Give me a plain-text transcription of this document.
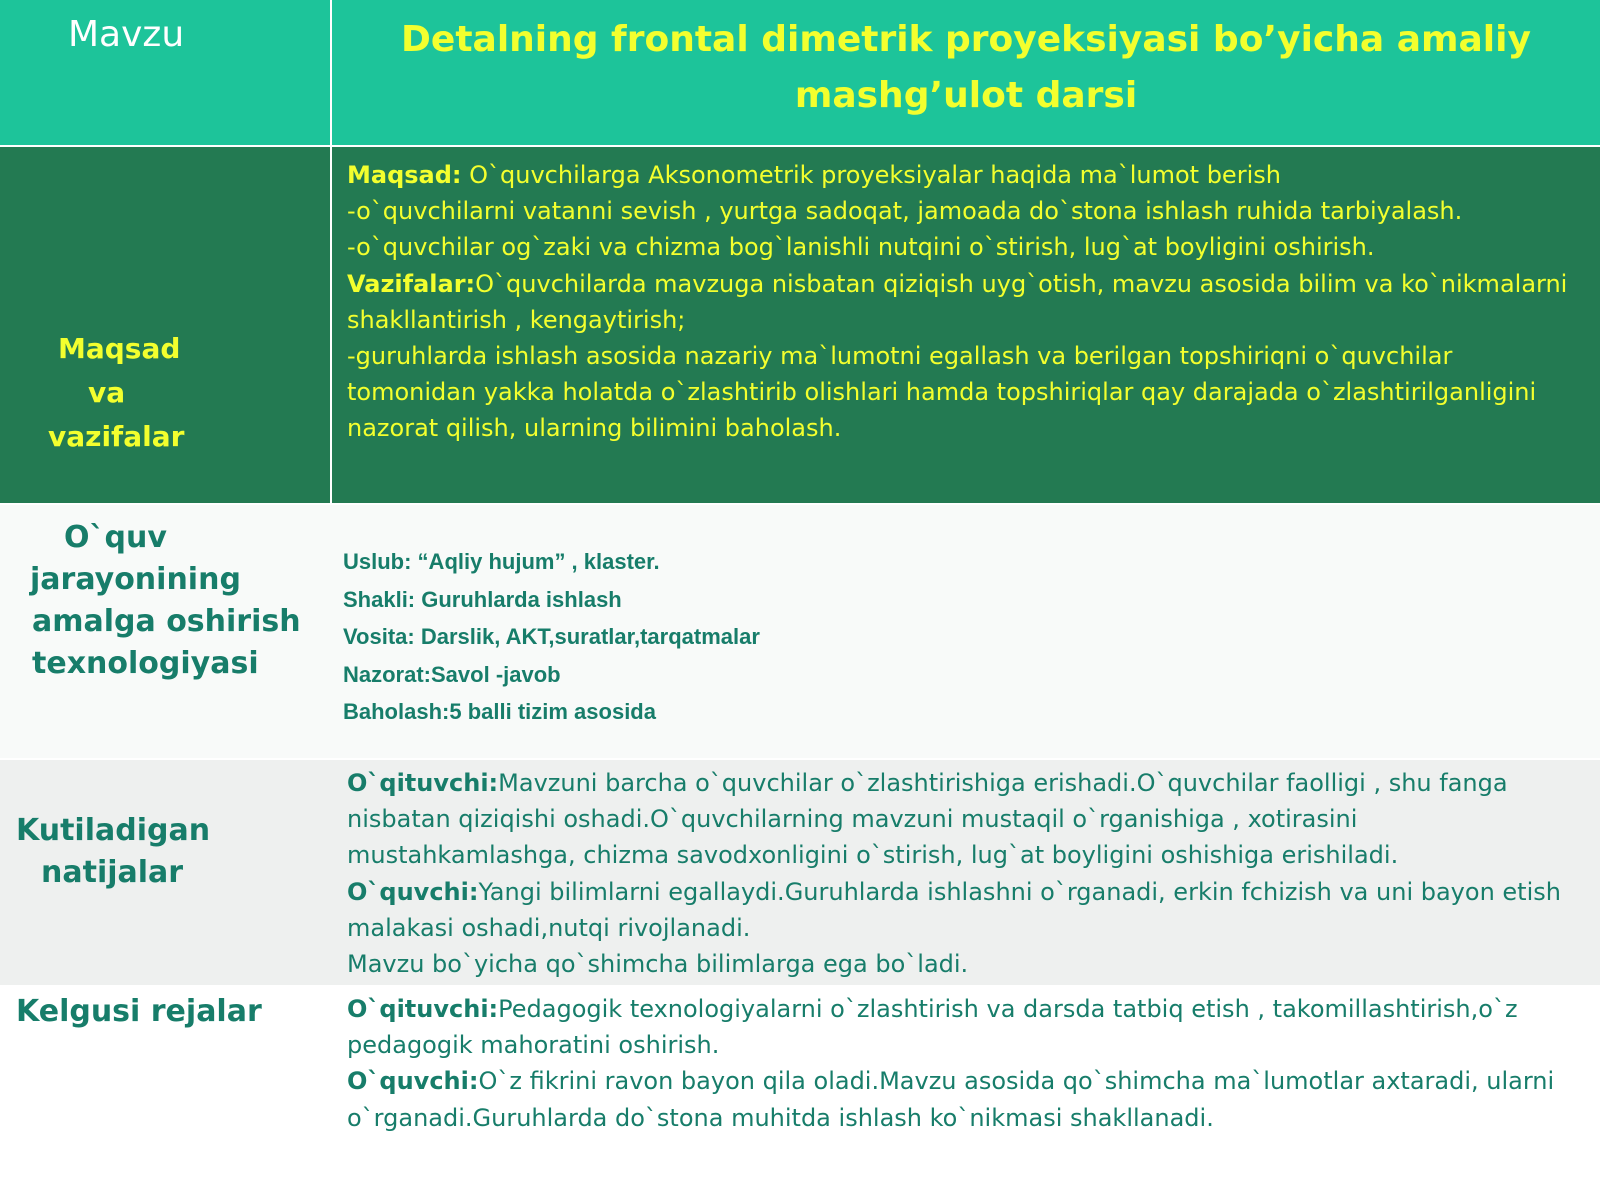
Mavzu	Detalning frontal dimetrik proyeksiyasi bo’yicha amaliy
mashg’ulot darsi
Maqsad
va
vazifalar

Maqsad: O`quvchilarga Aksonometrik proyeksiyalar haqida ma`lumot berish

-o`quvchilarni vatanni sevish , yurtga sadoqat, jamoada do`stona ishlash ruhida tarbiyalash.

-o`quvchilar og`zaki va chizma bog`lanishli nutqini o`stirish, lug`at boyligini oshirish.

Vazifalar:O`quvchilarda mavzuga nisbatan qiziqish uyg`otish, mavzu asosida bilim va ko`nikmalarni shakllantirish , kengaytirish;

-guruhlarda ishlash asosida nazariy ma`lumotni egallash va berilgan topshiriqni o`quvchilar tomonidan yakka holatda o`zlashtirib olishlari hamda topshiriqlar qay darajada o`zlashtirilganligini nazorat qilish, ularning bilimini baholash.

O`quv
jarayonining
amalga oshirish
texnologiyasi
Uslub: “Aqliy hujum” , klaster.
Shakli: Guruhlarda ishlash
Vosita: Darslik, AKT,suratlar,tarqatmalar
Nazorat:Savol -javob
Baholash:5 balli tizim asosida
Kutiladigan
natijalar

O`qituvchi:Mavzuni barcha o`quvchilar o`zlashtirishiga erishadi.O`quvchilar faolligi , shu fanga nisbatan qiziqishi oshadi.O`quvchilarning mavzuni mustaqil o`rganishiga , xotirasini mustahkamlashga, chizma savodxonligini o`stirish, lug`at boyligini oshishiga erishiladi.

O`quvchi:Yangi bilimlarni egallaydi.Guruhlarda ishlashni o`rganadi, erkin fchizish va uni bayon etish malakasi oshadi,nutqi rivojlanadi.

Mavzu bo`yicha qo`shimcha bilimlarga ega bo`ladi.

Kelgusi rejalar	O`qituvchi:Pedagogik texnologiyalarni o`zlashtirish va darsda tatbiq etish , takomillashtirish,o`z pedagogik mahoratini oshirish.

O`quvchi:O`z fikrini ravon bayon qila oladi.Mavzu asosida qo`shimcha ma`lumotlar axtaradi, ularni o`rganadi.Guruhlarda do`stona muhitda ishlash ko`nikmasi shakllanadi.
